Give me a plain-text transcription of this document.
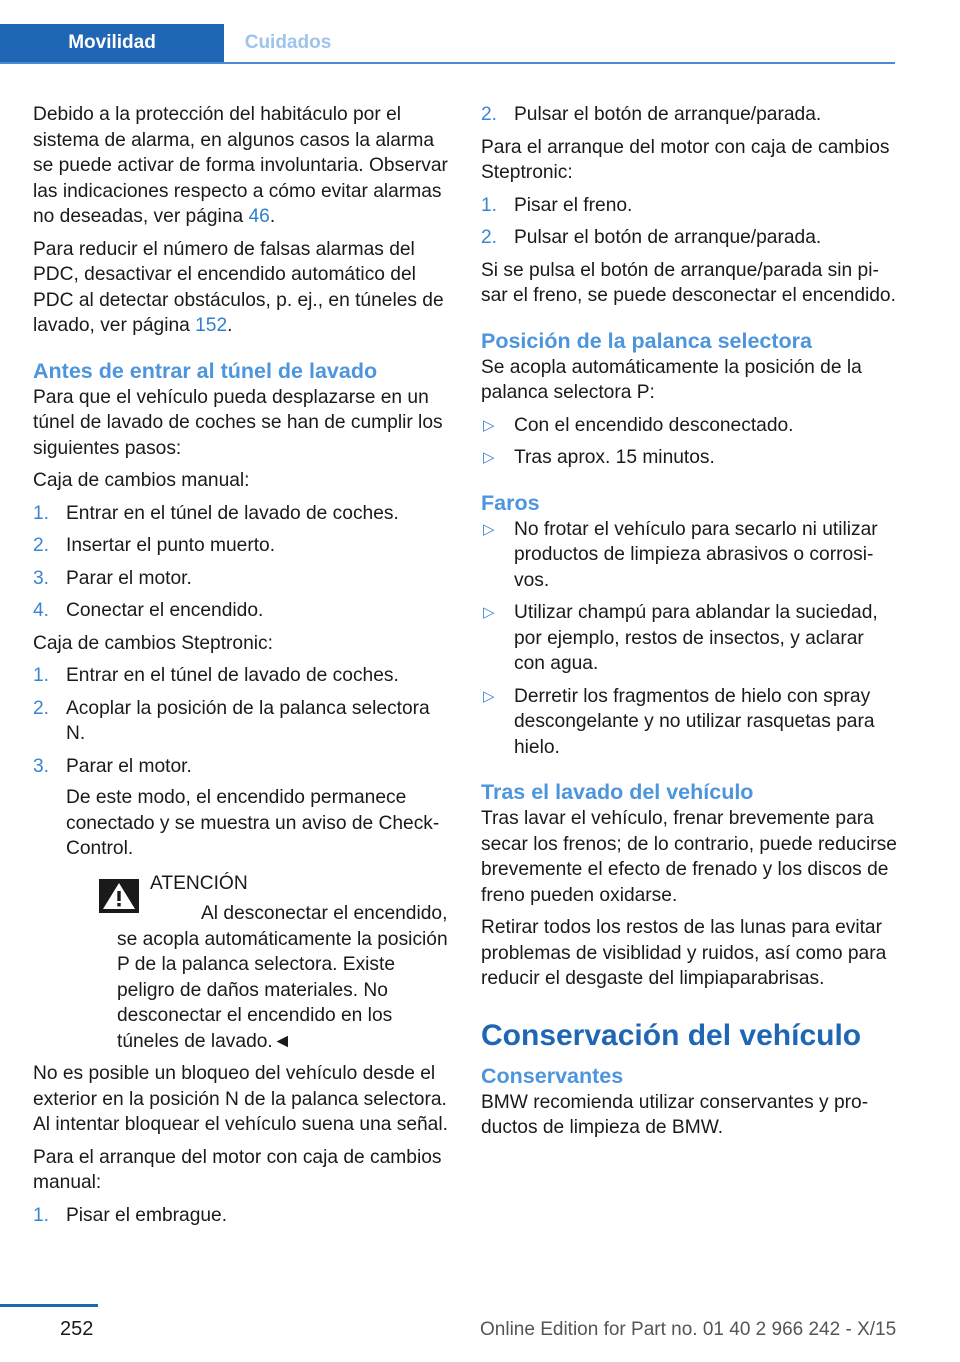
Movilidad	Cuidados

Debido a la protección del habitáculo por el sistema de alarma, en algunos casos la alarma se puede activar de forma involuntaria. Observar las indicaciones respecto a cómo evitar alarmas no deseadas, ver página 46.

Para reducir el número de falsas alarmas del PDC, desactivar el encendido automático del PDC al detectar obstáculos, p. ej., en túneles de lavado, ver página 152.

Antes de entrar al túnel de lavado

Para que el vehículo pueda desplazarse en un túnel de lavado de coches se han de cumplir los siguientes pasos:

Caja de cambios manual:

1. Entrar en el túnel de lavado de coches.
2. Insertar el punto muerto.
3. Parar el motor.
4. Conectar el encendido.

Caja de cambios Steptronic:

1. Entrar en el túnel de lavado de coches.
2. Acoplar la posición de la palanca selectora N.
3. Parar el motor.
De este modo, el encendido permanece conectado y se muestra un aviso de Check-Control.
ATENCIÓN
Al desconectar el encendido, se acopla automáticamente la posición P de la palanca selectora. Existe peligro de daños materiales. No desconectar el encendido en los túneles de lavado.◄

No es posible un bloqueo del vehículo desde el exterior en la posición N de la palanca selectora. Al intentar bloquear el vehículo suena una señal.

Para el arranque del motor con caja de cambios manual:

1. Pisar el embrague.
2. Pulsar el botón de arranque/parada.

Para el arranque del motor con caja de cambios Steptronic:

1. Pisar el freno.
2. Pulsar el botón de arranque/parada.

Si se pulsa el botón de arranque/parada sin pisar el freno, se puede desconectar el encendido.

Posición de la palanca selectora

Se acopla automáticamente la posición de la palanca selectora P:

▷ Con el encendido desconectado.
▷ Tras aprox. 15 minutos.
Faros
▷ No frotar el vehículo para secarlo ni utilizar productos de limpieza abrasivos o corrosivos.
▷ Utilizar champú para ablandar la suciedad, por ejemplo, restos de insectos, y aclarar con agua.
▷ Derretir los fragmentos de hielo con spray descongelante y no utilizar rasquetas para hielo.
Tras el lavado del vehículo

Tras lavar el vehículo, frenar brevemente para secar los frenos; de lo contrario, puede reducirse brevemente el efecto de frenado y los discos de freno pueden oxidarse.

Retirar todos los restos de las lunas para evitar problemas de visiblidad y ruidos, así como para reducir el desgaste del limpiaparabrisas.

Conservación del vehículo
Conservantes

BMW recomienda utilizar conservantes y productos de limpieza de BMW.

252	Online Edition for Part no. 01 40 2 966 242 - X/15
